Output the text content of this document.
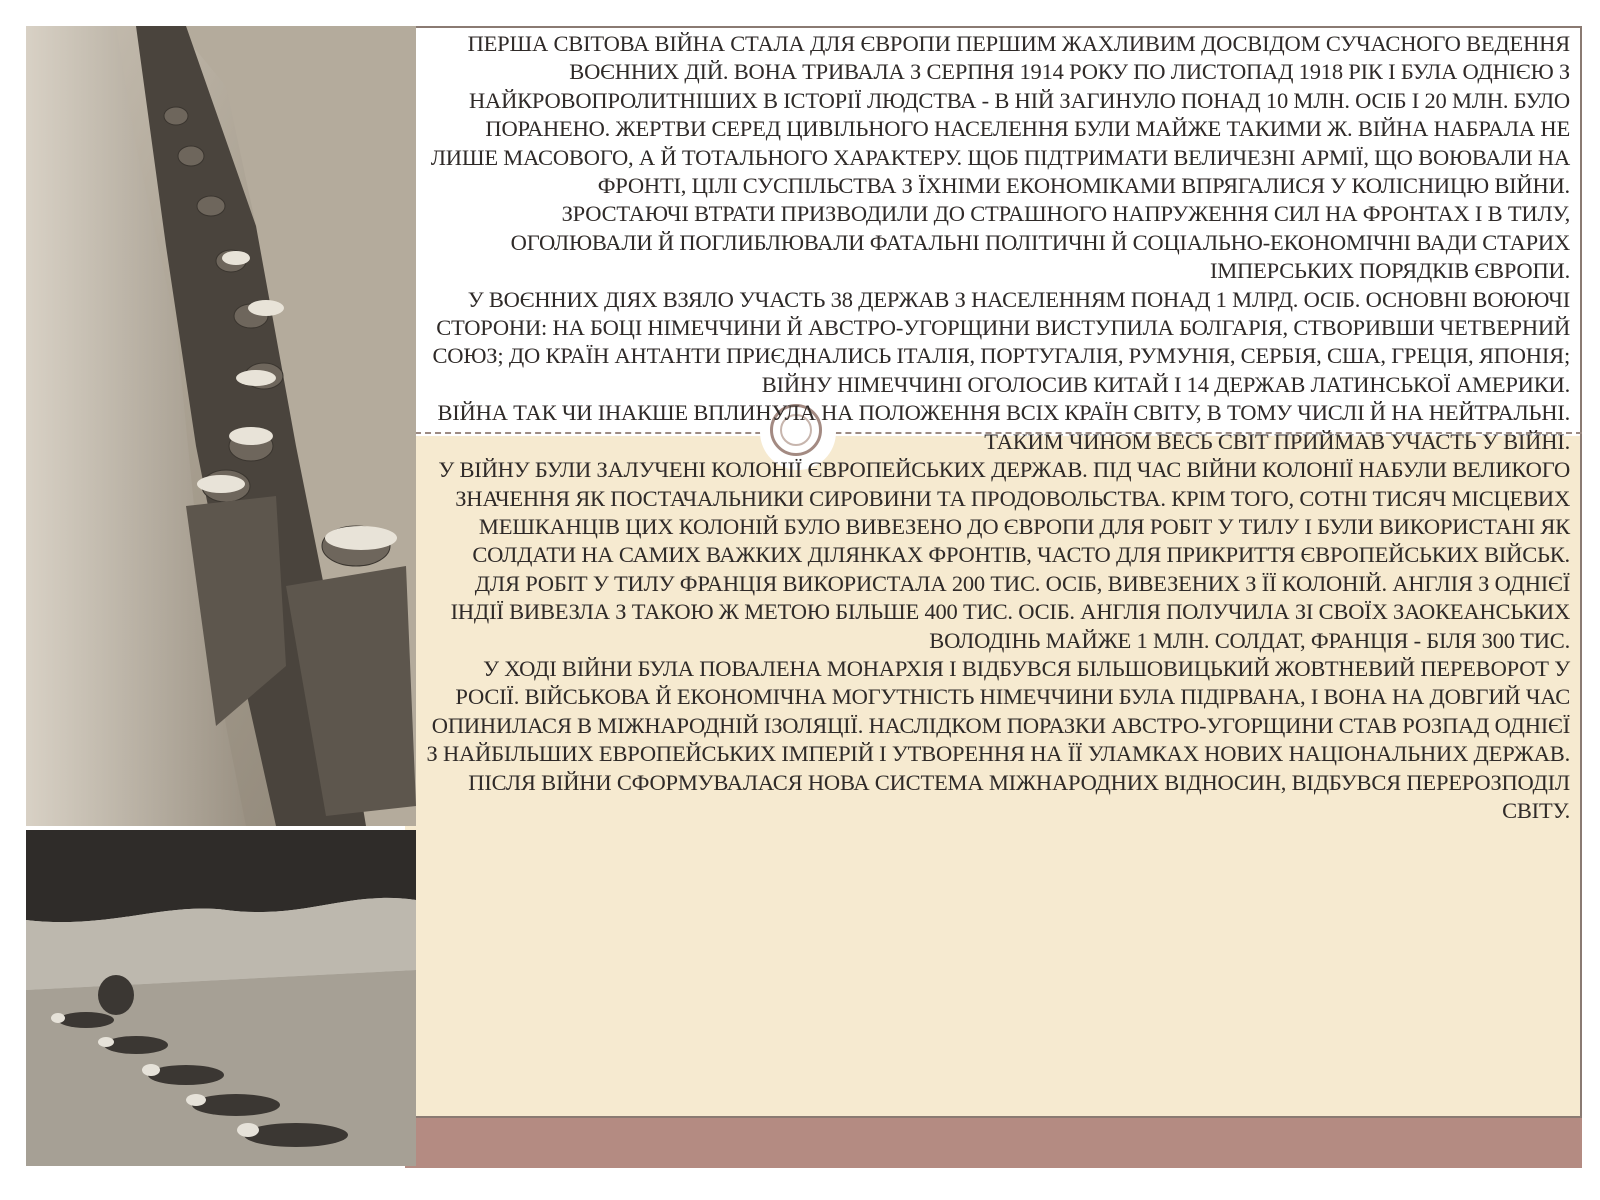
ПЕРША СВІТОВА ВІЙНА СТАЛА ДЛЯ ЄВРОПИ ПЕРШИМ ЖАХЛИВИМ ДОСВІДОМ СУЧАСНОГО ВЕДЕННЯ ВОЄННИХ ДІЙ. ВОНА ТРИВАЛА З СЕРПНЯ 1914 РОКУ ПО ЛИСТОПАД 1918 РІК І БУЛА ОДНІЄЮ З НАЙКРОВОПРОЛИТНІШИХ В ІСТОРІЇ ЛЮДСТВА - В НІЙ ЗАГИНУЛО ПОНАД 10 МЛН. ОСІБ І 20 МЛН. БУЛО ПОРАНЕНО. ЖЕРТВИ СЕРЕД ЦИВІЛЬНОГО НАСЕЛЕННЯ БУЛИ МАЙЖЕ ТАКИМИ Ж. ВІЙНА НАБРАЛА НЕ ЛИШЕ МАСОВОГО, А Й ТОТАЛЬНОГО ХАРАКТЕРУ. ЩОБ ПІДТРИМАТИ ВЕЛИЧЕЗНІ АРМІЇ, ЩО ВОЮВАЛИ НА ФРОНТІ, ЦІЛІ СУСПІЛЬСТВА З ЇХНІМИ ЕКОНОМІКАМИ ВПРЯГАЛИСЯ У КОЛІСНИЦЮ ВІЙНИ.

ЗРОСТАЮЧІ ВТРАТИ ПРИЗВОДИЛИ ДО СТРАШНОГО НАПРУЖЕННЯ СИЛ НА ФРОНТАХ І В ТИЛУ, ОГОЛЮВАЛИ Й ПОГЛИБЛЮВАЛИ ФАТАЛЬНІ ПОЛІТИЧНІ Й СОЦІАЛЬНО-ЕКОНОМІЧНІ ВАДИ СТАРИХ ІМПЕРСЬКИХ ПОРЯДКІВ ЄВРОПИ.

У ВОЄННИХ ДІЯХ ВЗЯЛО УЧАСТЬ 38 ДЕРЖАВ З НАСЕЛЕННЯМ ПОНАД 1 МЛРД. ОСІБ. ОСНОВНІ ВОЮЮЧІ СТОРОНИ: НА БОЦІ НІМЕЧЧИНИ Й АВСТРО-УГОРЩИНИ ВИСТУПИЛА БОЛГАРІЯ, СТВОРИВШИ ЧЕТВЕРНИЙ СОЮЗ; ДО КРАЇН АНТАНТИ ПРИЄДНАЛИСЬ ІТАЛІЯ, ПОРТУГАЛІЯ, РУМУНІЯ, СЕРБІЯ, США, ГРЕЦІЯ, ЯПОНІЯ; ВІЙНУ НІМЕЧЧИНІ ОГОЛОСИВ КИТАЙ І 14 ДЕРЖАВ ЛАТИНСЬКОЇ АМЕРИКИ.

ВІЙНА ТАК ЧИ ІНАКШЕ ВПЛИНУЛА НА ПОЛОЖЕННЯ ВСІХ КРАЇН СВІТУ, В ТОМУ ЧИСЛІ Й НА НЕЙТРАЛЬНІ. ТАКИМ ЧИНОМ ВЕСЬ СВІТ ПРИЙМАВ УЧАСТЬ У ВІЙНІ.

У ВІЙНУ БУЛИ ЗАЛУЧЕНІ КОЛОНІЇ ЄВРОПЕЙСЬКИХ ДЕРЖАВ. ПІД ЧАС ВІЙНИ КОЛОНІЇ НАБУЛИ ВЕЛИКОГО ЗНАЧЕННЯ ЯК ПОСТАЧАЛЬНИКИ СИРОВИНИ ТА ПРОДОВОЛЬСТВА. КРІМ ТОГО, СОТНІ ТИСЯЧ МІСЦЕВИХ МЕШКАНЦІВ ЦИХ КОЛОНІЙ БУЛО ВИВЕЗЕНО ДО ЄВРОПИ ДЛЯ РОБІТ У ТИЛУ І БУЛИ ВИКОРИСТАНІ ЯК СОЛДАТИ НА САМИХ ВАЖКИХ ДІЛЯНКАХ ФРОНТІВ, ЧАСТО ДЛЯ ПРИКРИТТЯ ЄВРОПЕЙСЬКИХ ВІЙСЬК.

ДЛЯ РОБІТ У ТИЛУ ФРАНЦІЯ ВИКОРИСТАЛА 200 ТИС. ОСІБ, ВИВЕЗЕНИХ З ЇЇ КОЛОНІЙ. АНГЛІЯ З ОДНІЄЇ ІНДІЇ ВИВЕЗЛА З ТАКОЮ Ж МЕТОЮ БІЛЬШЕ 400 ТИС. ОСІБ. АНГЛІЯ ПОЛУЧИЛА ЗІ СВОЇХ ЗАОКЕАНСЬКИХ ВОЛОДІНЬ МАЙЖЕ 1 МЛН. СОЛДАТ, ФРАНЦІЯ - БІЛЯ 300 ТИС.

У ХОДІ ВІЙНИ БУЛА ПОВАЛЕНА МОНАРХІЯ І ВІДБУВСЯ БІЛЬШОВИЦЬКИЙ ЖОВТНЕВИЙ ПЕРЕВОРОТ У РОСІЇ. ВІЙСЬКОВА Й ЕКОНОМІЧНА МОГУТНІСТЬ НІМЕЧЧИНИ БУЛА ПІДІРВАНА, І ВОНА НА ДОВГИЙ ЧАС ОПИНИЛАСЯ В МІЖНАРОДНІЙ ІЗОЛЯЦІЇ. НАСЛІДКОМ ПОРАЗКИ АВСТРО-УГОРЩИНИ СТАВ РОЗПАД ОДНІЄЇ З НАЙБІЛЬШИХ ЕВРОПЕЙСЬКИХ ІМПЕРІЙ І УТВОРЕННЯ НА ЇЇ УЛАМКАХ НОВИХ НАЦІОНАЛЬНИХ ДЕРЖАВ.

ПІСЛЯ ВІЙНИ СФОРМУВАЛАСЯ НОВА СИСТЕМА МІЖНАРОДНИХ ВІДНОСИН, ВІДБУВСЯ ПЕРЕРОЗПОДІЛ СВІТУ.
